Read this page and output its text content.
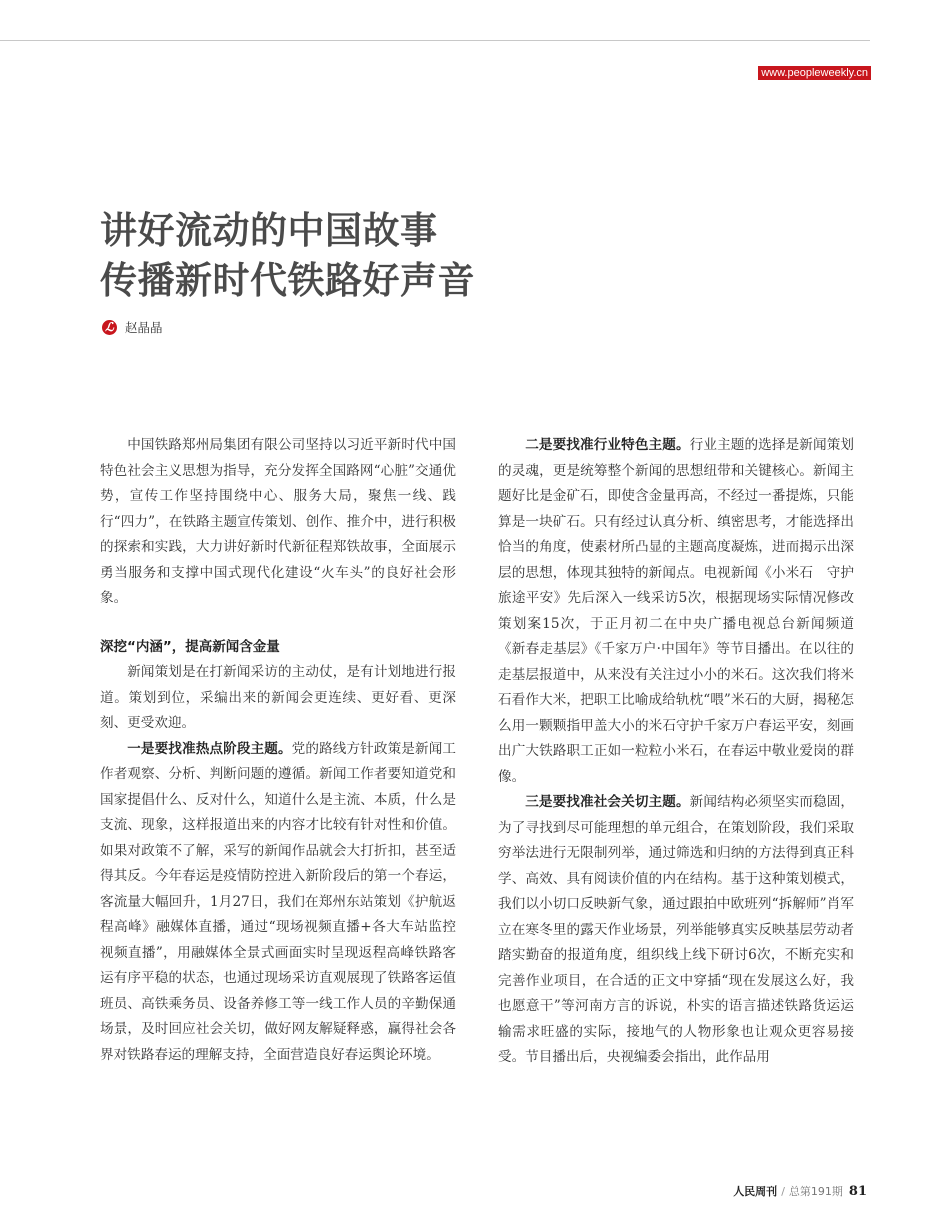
www.peopleweekly.cn
讲好流动的中国故事
传播新时代铁路好声音
ℒ 赵晶晶

中国铁路郑州局集团有限公司坚持以习近平新时代中国特色社会主义思想为指导，充分发挥全国路网“心脏”交通优势，宣传工作坚持围绕中心、服务大局，聚焦一线、践行“四力”，在铁路主题宣传策划、创作、推介中，进行积极的探索和实践，大力讲好新时代新征程郑铁故事，全面展示勇当服务和支撑中国式现代化建设“火车头”的良好社会形象。

深挖“内涵”，提高新闻含金量

新闻策划是在打新闻采访的主动仗，是有计划地进行报道。策划到位，采编出来的新闻会更连续、更好看、更深刻、更受欢迎。

一是要找准热点阶段主题。党的路线方针政策是新闻工作者观察、分析、判断问题的遵循。新闻工作者要知道党和国家提倡什么、反对什么，知道什么是主流、本质，什么是支流、现象，这样报道出来的内容才比较有针对性和价值。如果对政策不了解，采写的新闻作品就会大打折扣，甚至适得其反。今年春运是疫情防控进入新阶段后的第一个春运，客流量大幅回升，1月27日，我们在郑州东站策划《护航返程高峰》融媒体直播，通过“现场视频直播+各大车站监控视频直播”，用融媒体全景式画面实时呈现返程高峰铁路客运有序平稳的状态，也通过现场采访直观展现了铁路客运值班员、高铁乘务员、设备养修工等一线工作人员的辛勤保通场景，及时回应社会关切，做好网友解疑释惑，赢得社会各界对铁路春运的理解支持，全面营造良好春运舆论环境。

二是要找准行业特色主题。行业主题的选择是新闻策划的灵魂，更是统筹整个新闻的思想纽带和关键核心。新闻主题好比是金矿石，即使含金量再高，不经过一番提炼，只能算是一块矿石。只有经过认真分析、缜密思考，才能选择出恰当的角度，使素材所凸显的主题高度凝炼，进而揭示出深层的思想，体现其独特的新闻点。电视新闻《小米石　守护旅途平安》先后深入一线采访5次，根据现场实际情况修改策划案15次，于正月初二在中央广播电视总台新闻频道《新春走基层》《千家万户·中国年》等节目播出。在以往的走基层报道中，从来没有关注过小小的米石。这次我们将米石看作大米，把职工比喻成给轨枕“喂”米石的大厨，揭秘怎么用一颗颗指甲盖大小的米石守护千家万户春运平安，刻画出广大铁路职工正如一粒粒小米石，在春运中敬业爱岗的群像。

三是要找准社会关切主题。新闻结构必须坚实而稳固，为了寻找到尽可能理想的单元组合，在策划阶段，我们采取穷举法进行无限制列举，通过筛选和归纳的方法得到真正科学、高效、具有阅读价值的内在结构。基于这种策划模式，我们以小切口反映新气象，通过跟拍中欧班列“拆解师”肖军立在寒冬里的露天作业场景，列举能够真实反映基层劳动者踏实勤奋的报道角度，组织线上线下研讨6次，不断充实和完善作业项目，在合适的正文中穿插“现在发展这么好，我也愿意干”等河南方言的诉说，朴实的语言描述铁路货运运输需求旺盛的实际，接地气的人物形象也让观众更容易接受。节目播出后，央视编委会指出，此作品用

人民周刊 / 总第191期 81
